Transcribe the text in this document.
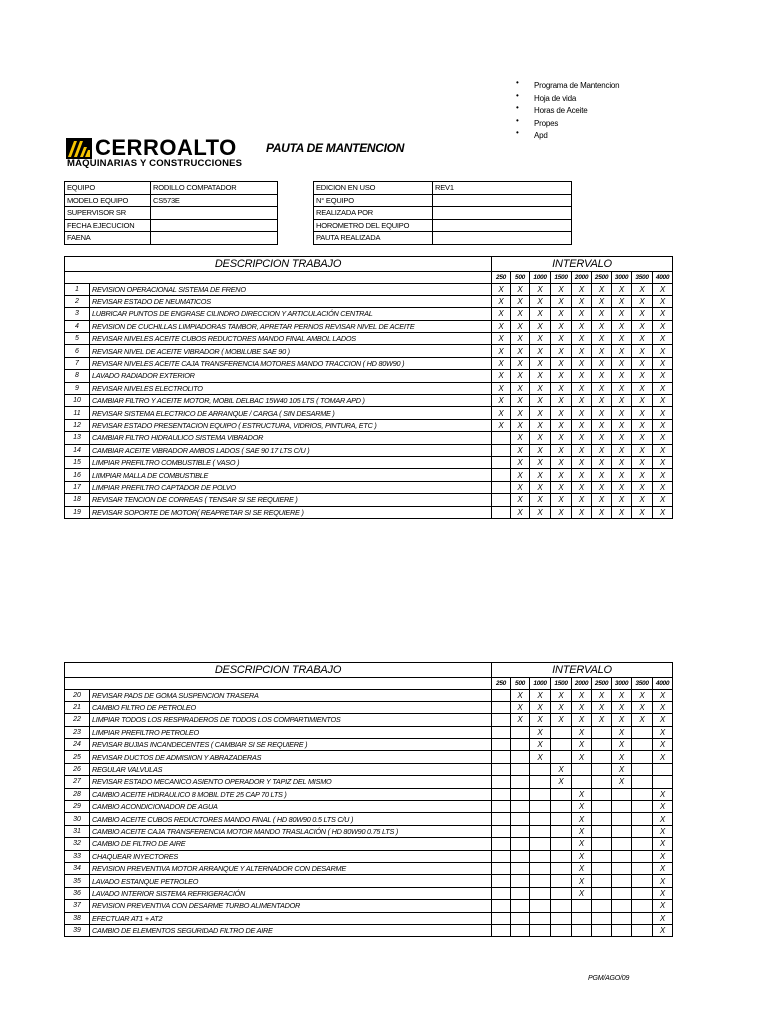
• Programa de Mantencion
• Hoja de vida
• Horas de Aceite
• Propes
• Apd
CERROALTO
MAQUINARIAS Y CONSTRUCCIONES
PAUTA DE MANTENCION
EQUIPO	RODILLO COMPATADOR
MODELO EQUIPO	CS573E
SUPERVISOR SR	
FECHA EJECUCION	
FAENA	
EDICION EN USO	REV1
N° EQUIPO	
REALIZADA POR	
HOROMETRO DEL EQUIPO	
PAUTA REALIZADA	
DESCRIPCION TRABAJO		INTERVALO								
		250	500	1000	1500	2000	2500	3000	3500	4000
1	REVISION OPERACIONAL SISTEMA DE FRENO	X	X	X	X	X	X	X	X	X
2	REVISAR ESTADO DE NEUMATICOS	X	X	X	X	X	X	X	X	X
3	LUBRICAR PUNTOS DE ENGRASE CILINDRO DIRECCION Y ARTICULACIÓN CENTRAL	X	X	X	X	X	X	X	X	X
4	REVISION DE CUCHILLAS LIMPIADORAS TAMBOR, APRETAR PERNOS REVISAR NIVEL DE ACEITE	X	X	X	X	X	X	X	X	X
5	REVISAR NIVELES ACEITE CUBOS REDUCTORES MANDO FINAL AMBOL LADOS	X	X	X	X	X	X	X	X	X
6	REVISAR NIVEL DE ACEITE VIBRADOR ( MOBILUBE SAE 90 )	X	X	X	X	X	X	X	X	X
7	REVISAR NIVELES ACEITE CAJA TRANSFERENCIA MOTORES MANDO TRACCION ( HD 80W90 )	X	X	X	X	X	X	X	X	X
8	LAVADO RADIADOR EXTERIOR	X	X	X	X	X	X	X	X	X
9	REVISAR NIVELES ELECTROLITO	X	X	X	X	X	X	X	X	X
10	CAMBIAR FILTRO Y ACEITE MOTOR, MOBIL DELBAC 15W40 105 LTS ( TOMAR APD )	X	X	X	X	X	X	X	X	X
11	REVISAR SISTEMA ELECTRICO DE ARRANQUE / CARGA ( SIN DESARME )	X	X	X	X	X	X	X	X	X
12	REVISAR ESTADO PRESENTACION EQUIPO ( ESTRUCTURA, VIDRIOS, PINTURA, ETC )	X	X	X	X	X	X	X	X	X
13	CAMBIAR FILTRO HIDRAULICO SISTEMA VIBRADOR		X	X	X	X	X	X	X	X
14	CAMBIAR ACEITE VIBRADOR AMBOS LADOS ( SAE 90 17 LTS C/U )		X	X	X	X	X	X	X	X
15	LIMPIAR PREFILTRO COMBUSTIBLE ( VASO )		X	X	X	X	X	X	X	X
16	LIIMPIAR MALLA DE COMBUSTIBLE		X	X	X	X	X	X	X	X
17	LIMPIAR PREFILTRO CAPTADOR DE POLVO		X	X	X	X	X	X	X	X
18	REVISAR TENCION DE CORREAS ( TENSAR SI SE REQUIERE )		X	X	X	X	X	X	X	X
19	REVISAR SOPORTE DE MOTOR( REAPRETAR SI SE REQUIERE )		X	X	X	X	X	X	X	X
DESCRIPCION TRABAJO		INTERVALO								
		250	500	1000	1500	2000	2500	3000	3500	4000
20	REVISAR PADS DE GOMA SUSPENCION TRASERA		X	X	X	X	X	X	X	X
21	CAMBIO FILTRO DE PETROLEO		X	X	X	X	X	X	X	X
22	LIMPIAR TODOS LOS RESPIRADEROS DE TODOS LOS COMPARTIMIENTOS		X	X	X	X	X	X	X	X
23	LIMPIAR PREFILTRO PETROLEO			X		X		X		X
24	REVISAR BUJIAS INCANDECENTES ( CAMBIAR SI SE REQUIERE )			X		X		X		X
25	REVISAR DUCTOS DE ADMISIION Y ABRAZADERAS			X		X		X		X
26	REGULAR VALVULAS				X			X		
27	REVISAR ESTADO MECANICO ASIENTO OPERADOR Y TAPIZ DEL MISMO				X			X		
28	CAMBIO ACEITE HIDRAULICO 8 MOBIL DTE 25 CAP 70 LTS )					X				X
29	CAMBIO ACONDICIONADOR DE AGUA					X				X
30	CAMBIO ACEITE CUBOS REDUCTORES MANDO FINAL ( HD 80W90 0.5 LTS C/U )					X				X
31	CAMBIO ACEITE CAJA TRANSFERENCIA MOTOR MANDO TRASLACIÓN ( HD 80W90 0.75 LTS )					X				X
32	CAMBIO DE FILTRO DE AIRE					X				X
33	CHAQUEAR INYECTORES					X				X
34	REVISION PREVENTIVA MOTOR ARRANQUE Y ALTERNADOR CON DESARME					X				X
35	LAVADO ESTANQUE PETROLEO					X				X
36	LAVADO INTERIOR SISTEMA REFRIGERACIÓN					X				X
37	REVISION PREVENTIVA CON DESARME TURBO ALIMENTADOR									X
38	EFECTUAR AT1 + AT2									X
39	CAMBIO DE ELEMENTOS SEGURIDAD FILTRO DE AIRE									X
PGM/AGO/09
